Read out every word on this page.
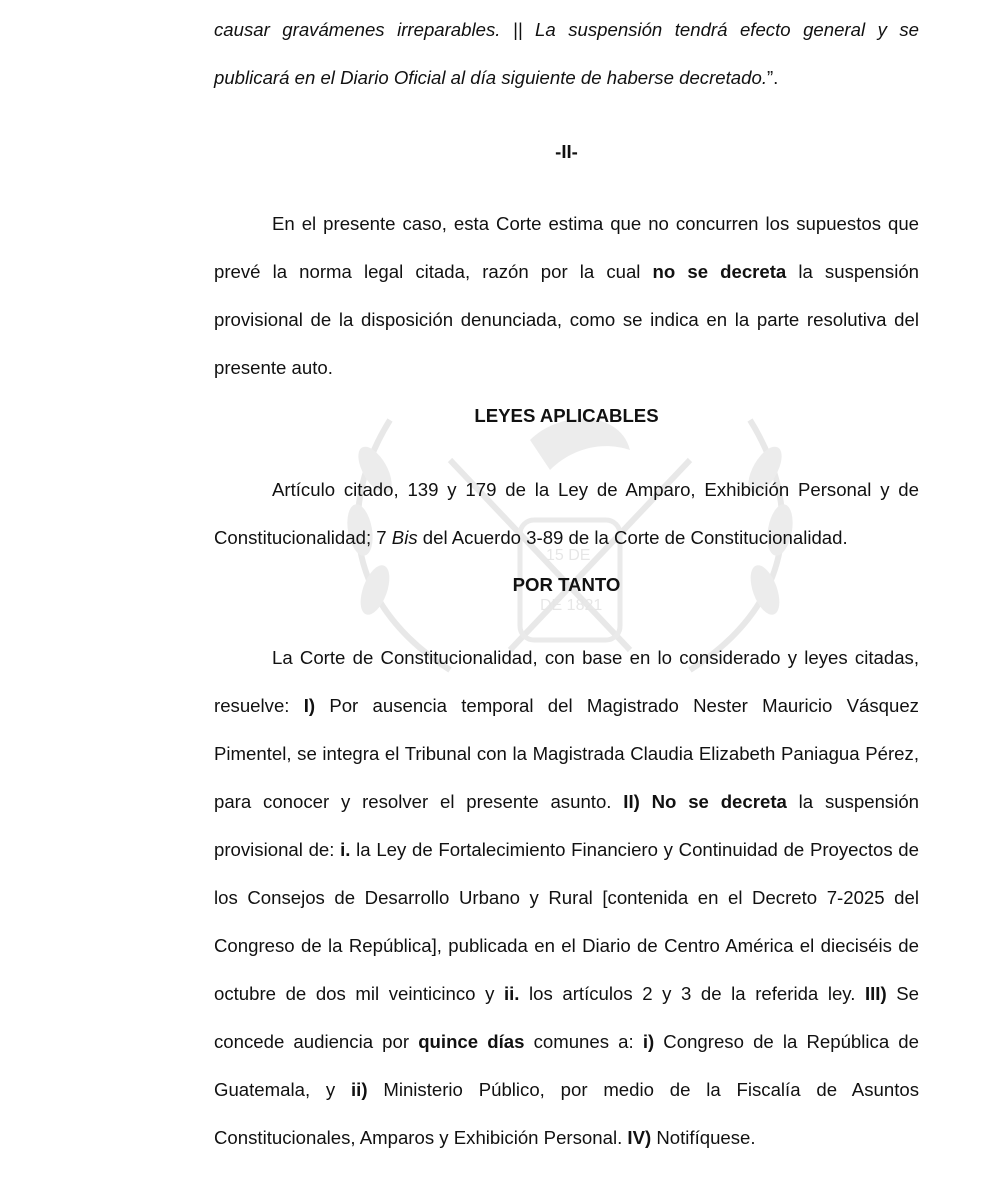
15 DE
DE 1821

causar gravámenes irreparables. || La suspensión tendrá efecto general y se publicará en el Diario Oficial al día siguiente de haberse decretado.”.

-II-

En el presente caso, esta Corte estima que no concurren los supuestos que prevé la norma legal citada, razón por la cual no se decreta la suspensión provisional de la disposición denunciada, como se indica en la parte resolutiva del presente auto.

LEYES APLICABLES

Artículo citado, 139 y 179 de la Ley de Amparo, Exhibición Personal y de Constitucionalidad; 7 Bis del Acuerdo 3-89 de la Corte de Constitucionalidad.

POR TANTO

La Corte de Constitucionalidad, con base en lo considerado y leyes citadas, resuelve: I) Por ausencia temporal del Magistrado Nester Mauricio Vásquez Pimentel, se integra el Tribunal con la Magistrada Claudia Elizabeth Paniagua Pérez, para conocer y resolver el presente asunto. II) No se decreta la suspensión provisional de: i. la Ley de Fortalecimiento Financiero y Continuidad de Proyectos de los Consejos de Desarrollo Urbano y Rural [contenida en el Decreto 7-2025 del Congreso de la República], publicada en el Diario de Centro América el dieciséis de octubre de dos mil veinticinco y ii. los artículos 2 y 3 de la referida ley. III) Se concede audiencia por quince días comunes a: i) Congreso de la República de Guatemala, y ii) Ministerio Público, por medio de la Fiscalía de Asuntos Constitucionales, Amparos y Exhibición Personal. IV) Notifíquese.
